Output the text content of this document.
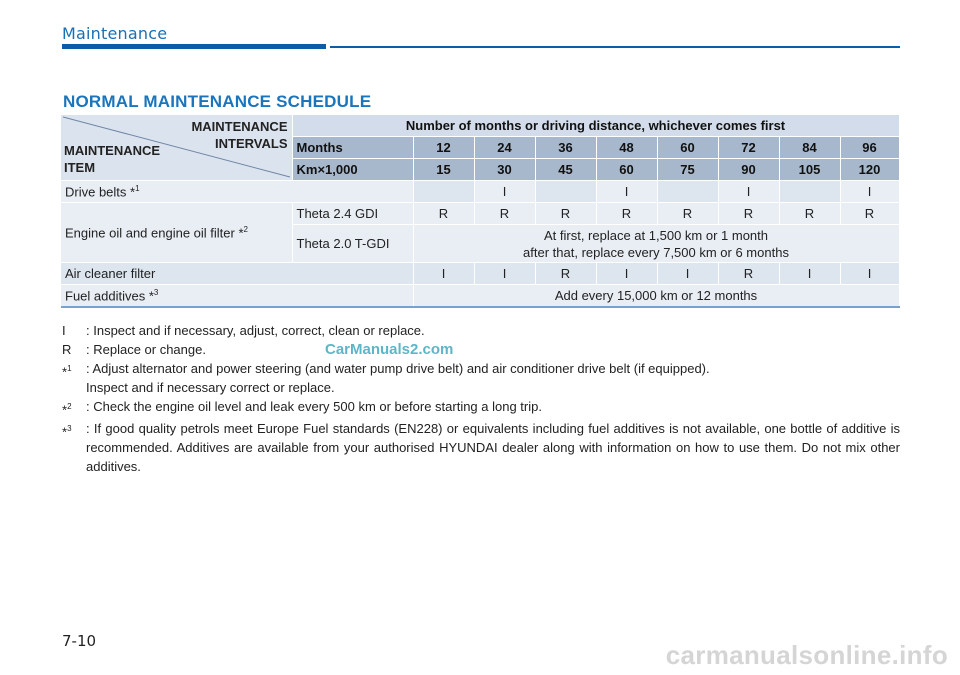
Maintenance
NORMAL MAINTENANCE SCHEDULE
MAINTENANCE
INTERVALS
MAINTENANCE
ITEM	Number of months or driving distance, whichever comes first								
	Months	12	24	36	48	60	72	84	96
	Km×1,000	15	30	45	60	75	90	105	120
Drive belts *$^1$			I		I		I		I
Engine oil and engine oil filter *$^2$	Theta 2.4 GDI	R	R	R	R	R	R	R	R
	Theta 2.0 T-GDI	At first, replace at 1,500 km or 1 month
after that, replace every 7,500 km or 6 months							

Air cleaner filter		I	I	R	I	I	R	I	I
Fuel additives *$^3$		Add every 15,000 km or 12 months							
I	: Inspect and if necessary, adjust, correct, clean or replace.
R	: Replace or change.
*$^1$	: Adjust alternator and power steering (and water pump drive belt) and air conditioner drive belt (if equipped).
Inspect and if necessary correct or replace.
*$^2$	: Check the engine oil level and leak every 500 km or before starting a long trip.
*$^3$	: If good quality petrols meet Europe Fuel standards (EN228) or equivalents including fuel additives is not available, one bottle of additive is recommended. Additives are available from your authorised HYUNDAI dealer along with information on how to use them. Do not mix other additives.
CarManuals2.com
7-10	carmanualsonline.info
